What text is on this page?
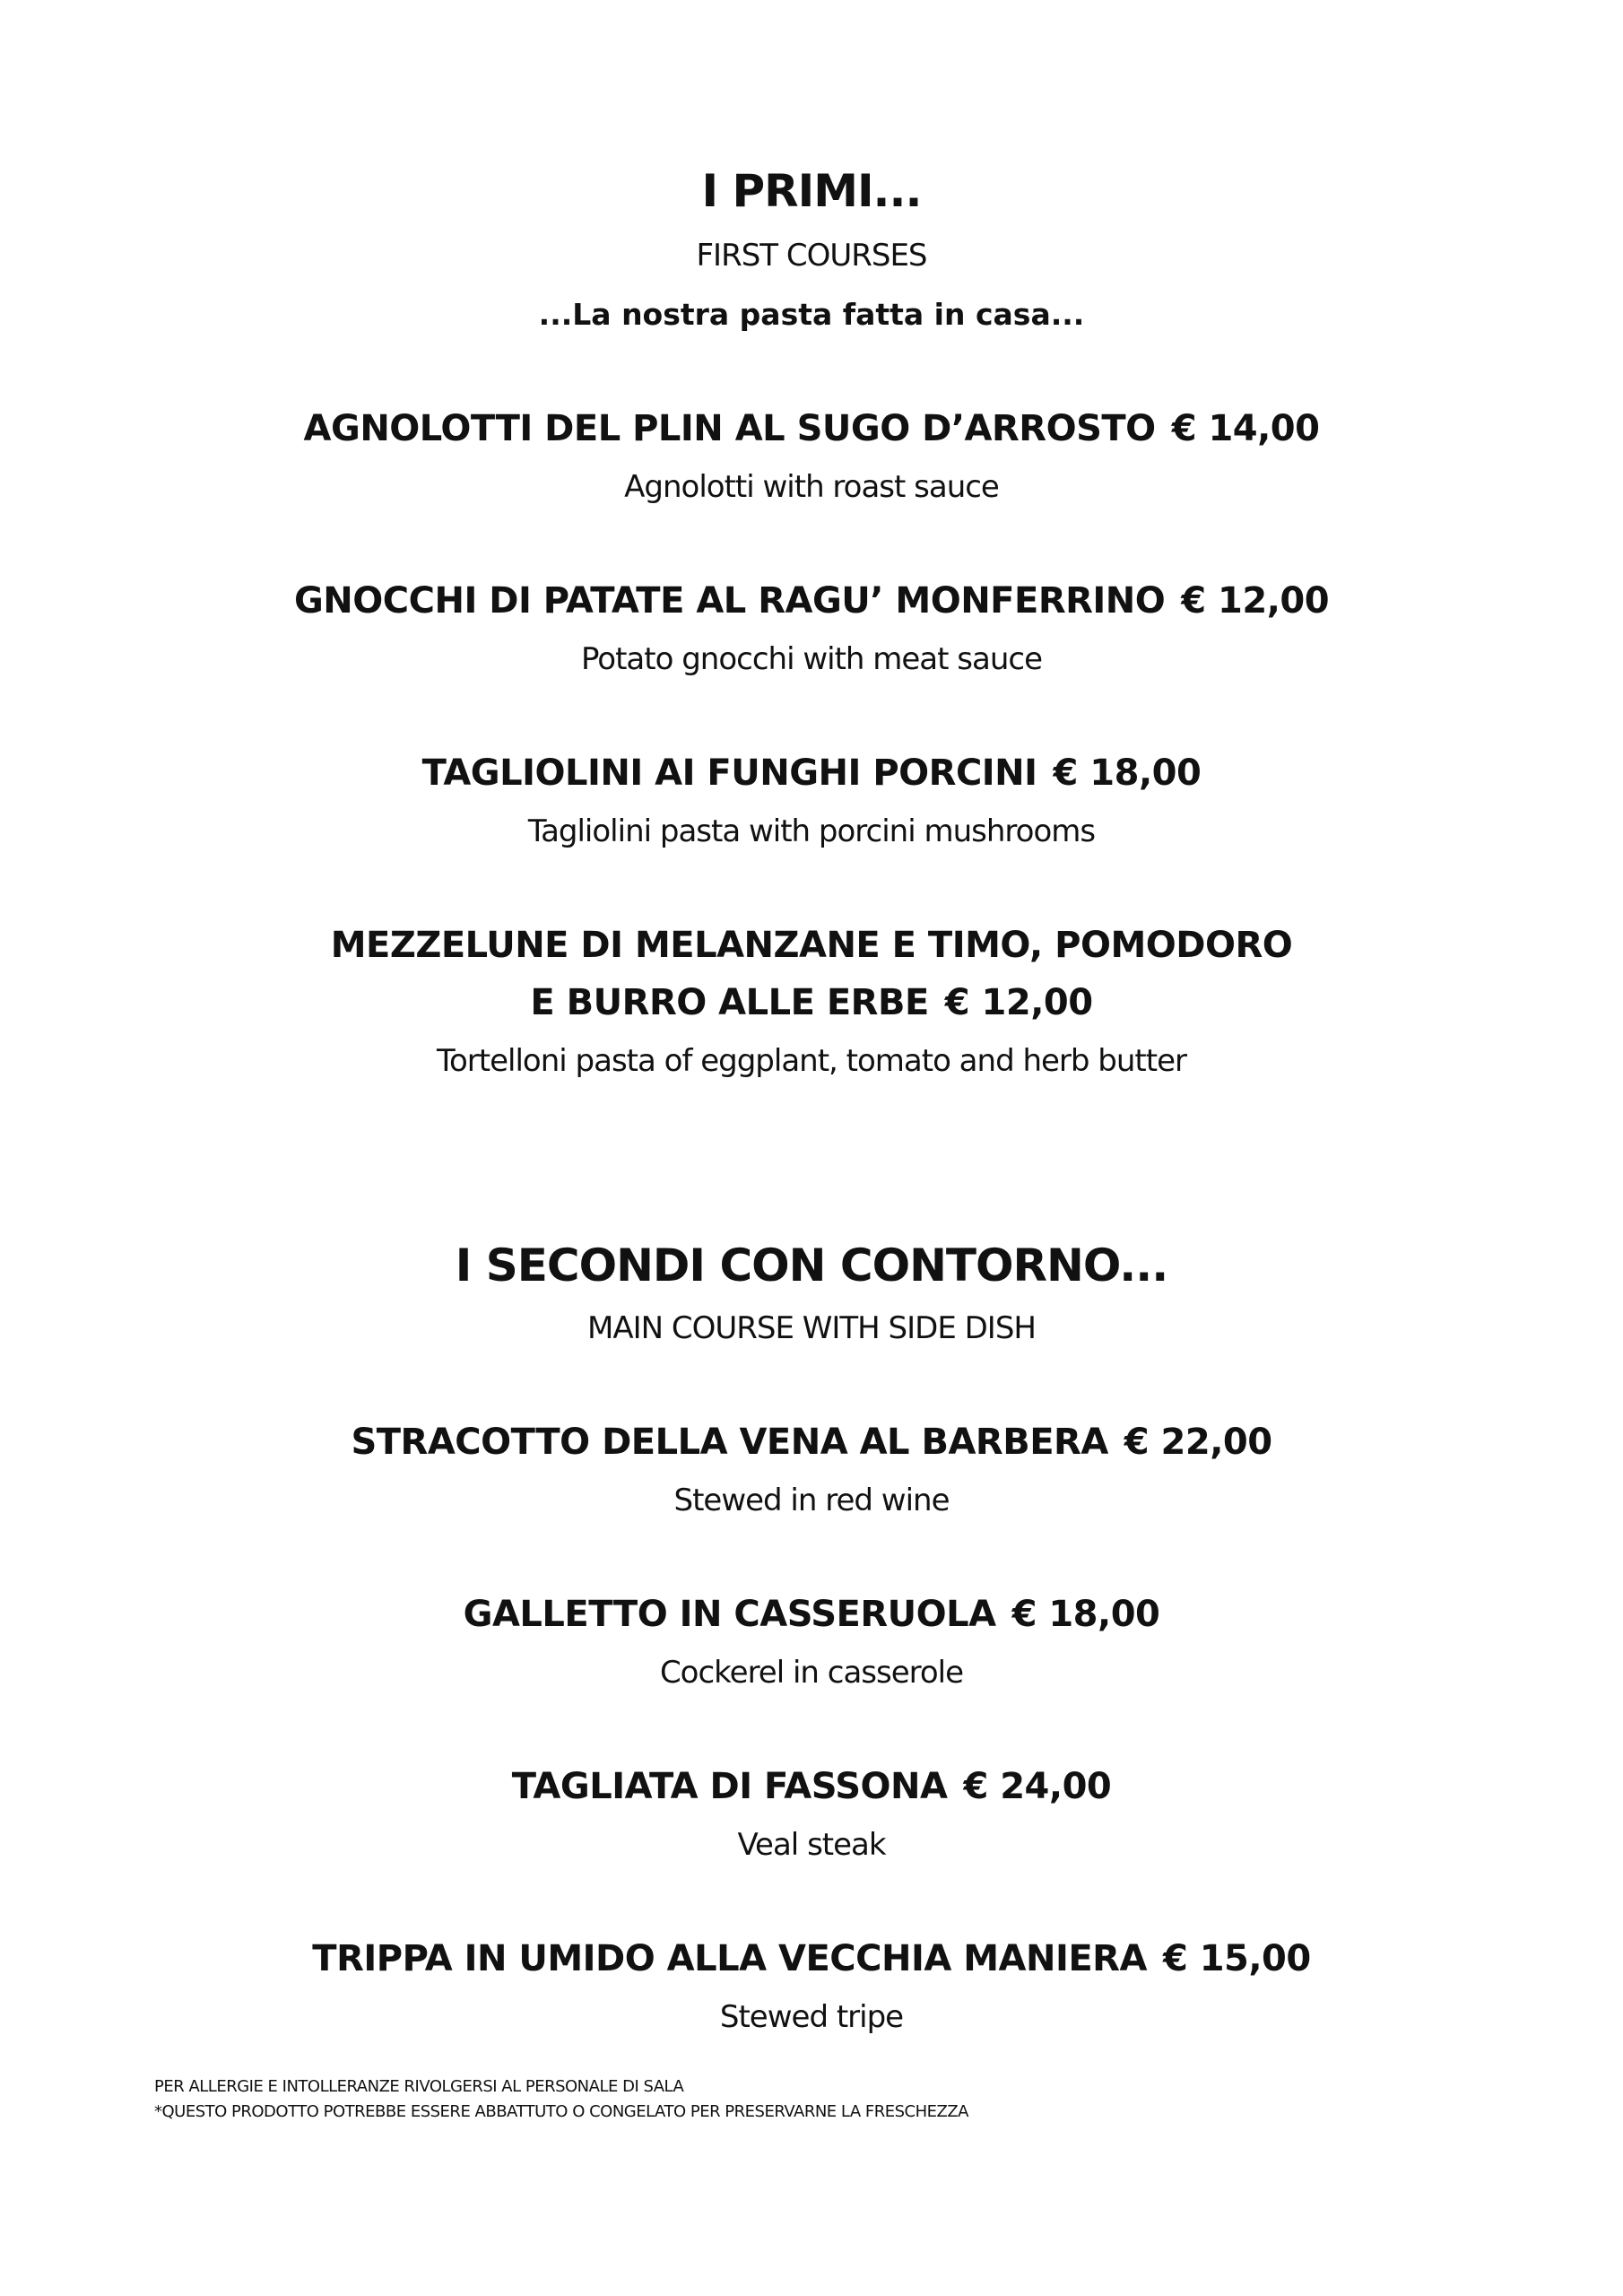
I PRIMI...
FIRST COURSES
...La nostra pasta fatta in casa...
AGNOLOTTI DEL PLIN AL SUGO D’ARROSTO € 14,00
Agnolotti with roast sauce
GNOCCHI DI PATATE AL RAGU’ MONFERRINO € 12,00
Potato gnocchi with meat sauce
TAGLIOLINI AI FUNGHI PORCINI € 18,00
Tagliolini pasta with porcini mushrooms
MEZZELUNE DI MELANZANE E TIMO, POMODORO
E BURRO ALLE ERBE € 12,00
Tortelloni pasta of eggplant, tomato and herb butter
I SECONDI CON CONTORNO...
MAIN COURSE WITH SIDE DISH
STRACOTTO DELLA VENA AL BARBERA € 22,00
Stewed in red wine
GALLETTO IN CASSERUOLA € 18,00
Cockerel in casserole
TAGLIATA DI FASSONA € 24,00
Veal steak
TRIPPA IN UMIDO ALLA VECCHIA MANIERA € 15,00
Stewed tripe
PER ALLERGIE E INTOLLERANZE RIVOLGERSI AL PERSONALE DI SALA
*QUESTO PRODOTTO POTREBBE ESSERE ABBATTUTO O CONGELATO PER PRESERVARNE LA FRESCHEZZA
